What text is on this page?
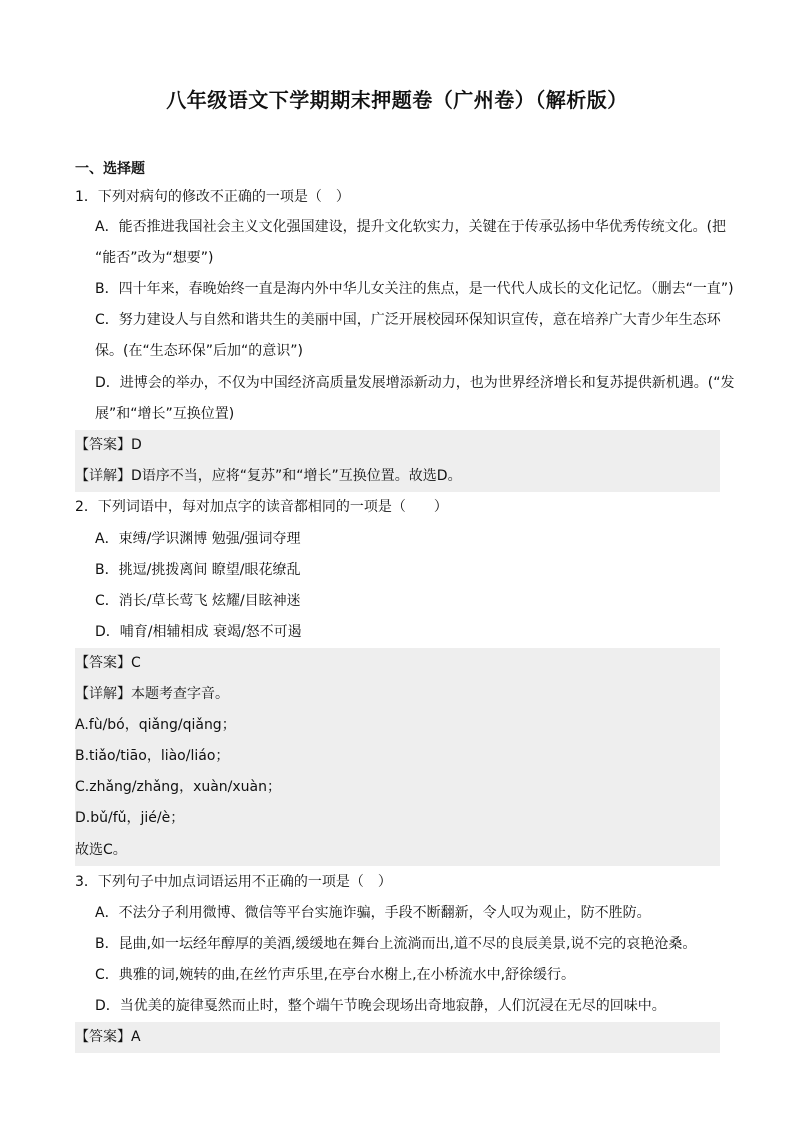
八年级语文下学期期末押题卷（广州卷）（解析版）
一、选择题
1．下列对病句的修改不正确的一项是（　）
A．能否推进我国社会主义文化强国建设，提升文化软实力，关键在于传承弘扬中华优秀传统文化。(把
“能否”改为“想要”)
B．四十年来，春晚始终一直是海内外中华儿女关注的焦点，是一代代人成长的文化记忆。（删去“一直”)
C．努力建设人与自然和谐共生的美丽中国，广泛开展校园环保知识宣传，意在培养广大青少年生态环
保。(在“生态环保”后加“的意识”)
D．进博会的举办，不仅为中国经济高质量发展增添新动力，也为世界经济增长和复苏提供新机遇。(“发
展”和“增长”互换位置)
【答案】D
【详解】D语序不当，应将“复苏”和“增长”互换位置。故选D。
2．下列词语中，每对加点字的读音都相同的一项是（　　）
A．束缚/学识渊博 勉强/强词夺理
B．挑逗/挑拨离间 瞭望/眼花缭乱
C．消长/草长莺飞 炫耀/目眩神迷
D．哺育/相辅相成 衰竭/怒不可遏
【答案】C
【详解】本题考查字音。
A.fù/bó，qiǎng/qiǎng；
B.tiǎo/tiāo，liào/liáo；
C.zhǎng/zhǎng，xuàn/xuàn；
D.bǔ/fǔ，jié/è；
故选C。
3．下列句子中加点词语运用不正确的一项是（　）
A．不法分子利用微博、微信等平台实施诈骗，手段不断翻新，令人叹为观止，防不胜防。
B．昆曲,如一坛经年醇厚的美酒,缓缓地在舞台上流淌而出,道不尽的良辰美景,说不完的哀艳沧桑。
C．典雅的词,婉转的曲,在丝竹声乐里,在亭台水榭上,在小桥流水中,舒徐缓行。
D．当优美的旋律戛然而止时，整个端午节晚会现场出奇地寂静，人们沉浸在无尽的回味中。
【答案】A
